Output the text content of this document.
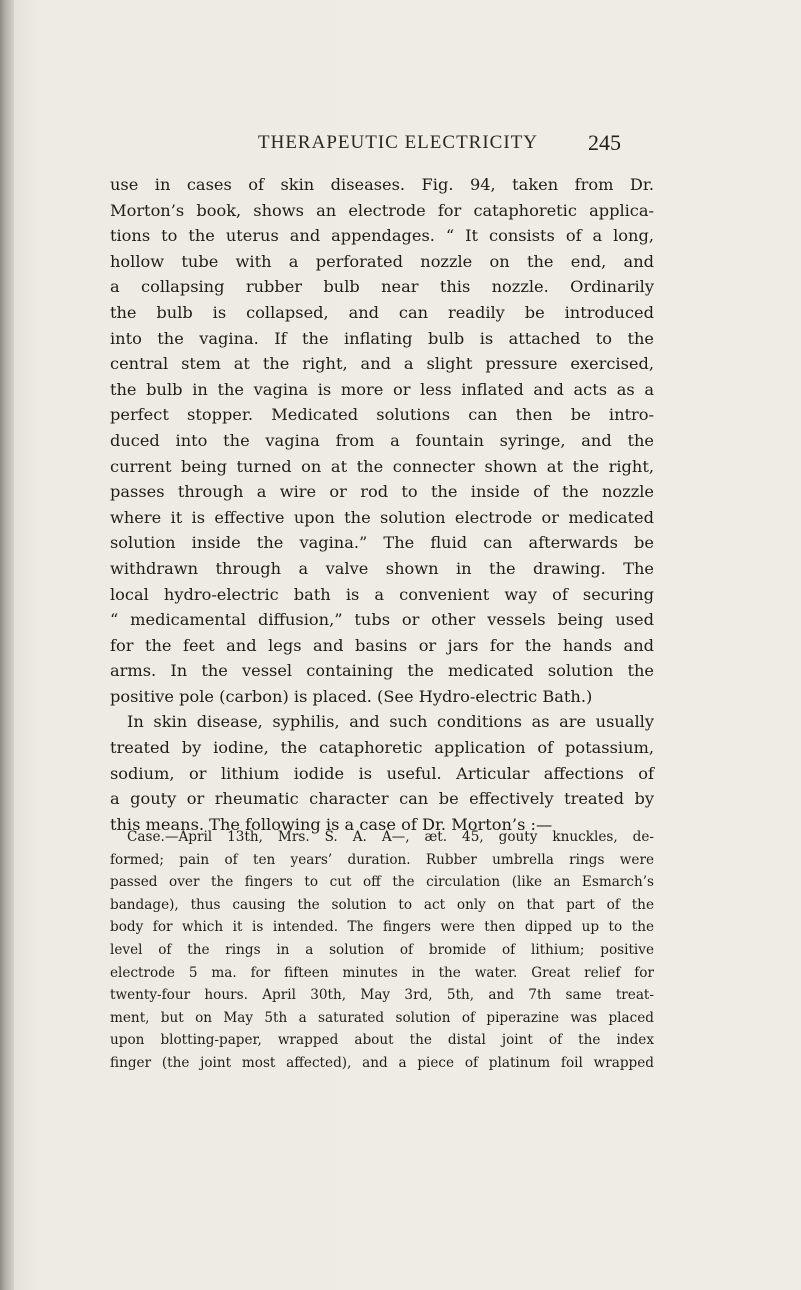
THERAPEUTIC ELECTRICITY 245
use in cases of skin diseases. Fig. 94, taken from Dr.
Morton’s book, shows an electrode for cataphoretic applica-
tions to the uterus and appendages. “ It consists of a long,
hollow tube with a perforated nozzle on the end, and
a collapsing rubber bulb near this nozzle. Ordinarily
the bulb is collapsed, and can readily be introduced
into the vagina. If the inflating bulb is attached to the
central stem at the right, and a slight pressure exercised,
the bulb in the vagina is more or less inflated and acts as a
perfect stopper. Medicated solutions can then be intro-
duced into the vagina from a fountain syringe, and the
current being turned on at the connecter shown at the right,
passes through a wire or rod to the inside of the nozzle
where it is effective upon the solution electrode or medicated
solution inside the vagina.” The fluid can afterwards be
withdrawn through a valve shown in the drawing. The
local hydro-electric bath is a convenient way of securing
“ medicamental diffusion,” tubs or other vessels being used
for the feet and legs and basins or jars for the hands and
arms. In the vessel containing the medicated solution the
positive pole (carbon) is placed. (See Hydro-electric Bath.)
In skin disease, syphilis, and such conditions as are usually
treated by iodine, the cataphoretic application of potassium,
sodium, or lithium iodide is useful. Articular affections of
a gouty or rheumatic character can be effectively treated by
this means. The following is a case of Dr. Morton’s :—
Case.—April 13th, Mrs. S. A. A—, æt. 45, gouty knuckles, de-
formed; pain of ten years’ duration. Rubber umbrella rings were
passed over the fingers to cut off the circulation (like an Esmarch’s
bandage), thus causing the solution to act only on that part of the
body for which it is intended. The fingers were then dipped up to the
level of the rings in a solution of bromide of lithium; positive
electrode 5 ma. for fifteen minutes in the water. Great relief for
twenty-four hours. April 30th, May 3rd, 5th, and 7th same treat-
ment, but on May 5th a saturated solution of piperazine was placed
upon blotting-paper, wrapped about the distal joint of the index
finger (the joint most affected), and a piece of platinum foil wrapped
